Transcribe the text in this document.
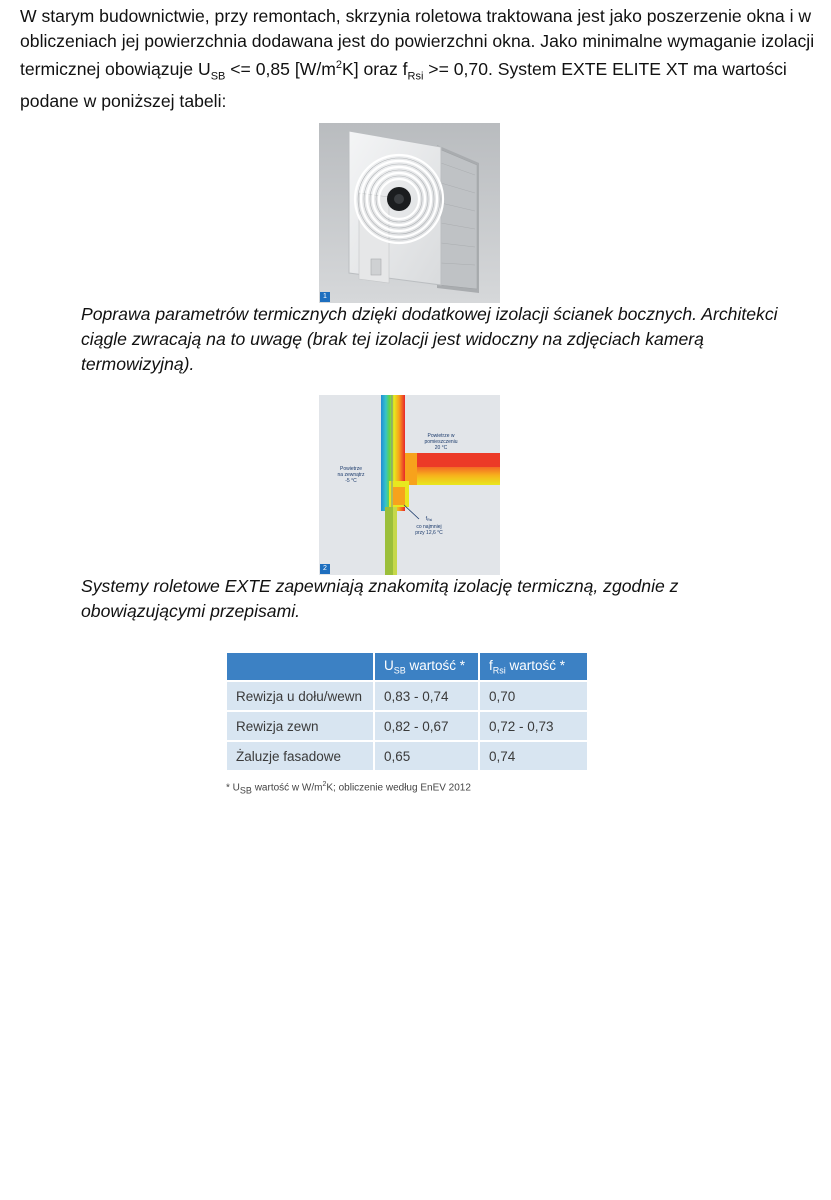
W starym budownictwie, przy remontach, skrzynia roletowa traktowana jest jako poszerzenie okna i w obliczeniach jej powierzchnia dodawana jest do powierzchni okna. Jako minimalne wymaganie izolacji termicznej obowiązuje $U_{SB} <= 0,85$ $[W/m^2K]$ oraz $f_{Rsi} >= 0,70$. System EXTE ELITE XT ma wartości podane w poniższej tabeli:

1

Poprawa parametrów termicznych dzięki dodatkowej izolacji ścianek bocznych. Architekci ciągle zwracają na to uwagę (brak tej izolacji jest widoczny na zdjęciach kamerą termowizyjną).

Powietrze w
pomieszczeniu
20 °C
Powietrze
na zewnątrz
-5 °C
$f_{Rsi}$
co najmniej
przy 12,6 °C
2

Systemy roletowe EXTE zapewniają znakomitą izolację termiczną, zgodnie z obowiązującymi przepisami.

	$U_{SB}$ wartość *	$f_{Rsi}$ wartość *
Rewizja u dołu/wewn	0,83 - 0,74	0,70
Rewizja zewn	0,82 - 0,67	0,72 - 0,73
Żaluzje fasadowe	0,65	0,74
* $U_{SB}$ wartość w $W/m^2K$; obliczenie według EnEV 2012
